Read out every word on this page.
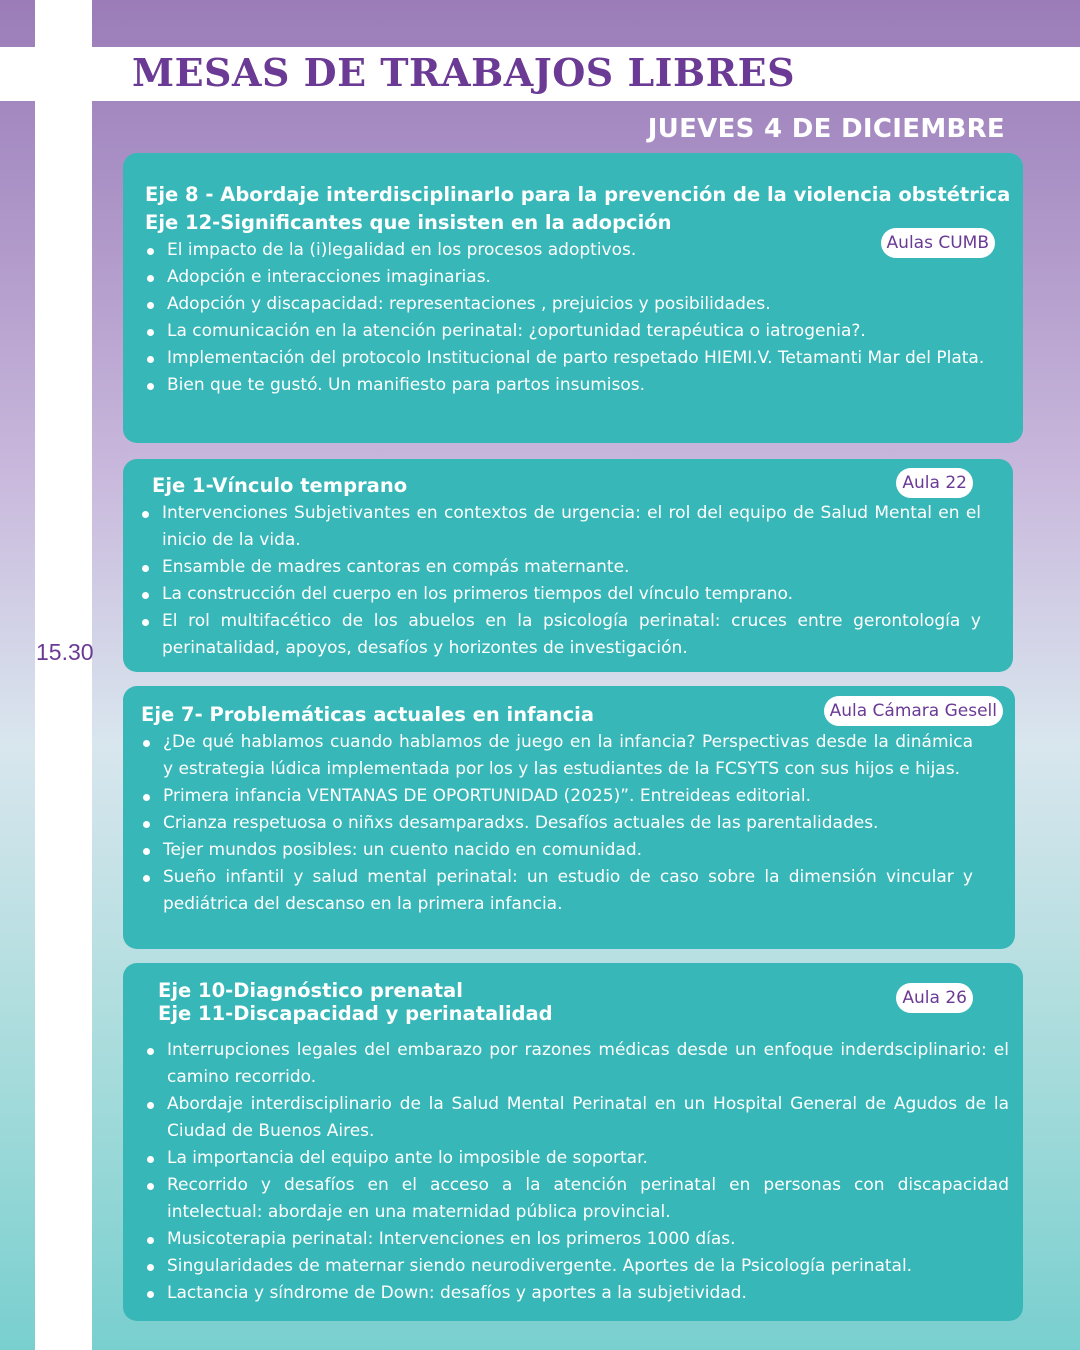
MESAS DE TRABAJOS LIBRES
JUEVES 4 DE DICIEMBRE
15.30
Eje 8 - Abordaje interdisciplinarIo para la prevención de la violencia obstétrica
Eje 12-Significantes que insisten en la adopción
Aulas CUMB
El impacto de la (i)legalidad en los procesos adoptivos.
Adopción e interacciones imaginarias.
Adopción y discapacidad: representaciones , prejuicios y posibilidades.
La comunicación en la atención perinatal: ¿oportunidad terapéutica o iatrogenia?.
Implementación del protocolo Institucional de parto respetado HIEMI.V. Tetamanti Mar del Plata.
Bien que te gustó. Un manifiesto para partos insumisos.
Eje 1-Vínculo temprano	Aula 22
Intervenciones Subjetivantes en contextos de urgencia: el rol del equipo de Salud Mental en el inicio de la vida.
Ensamble de madres cantoras en compás maternante.
La construcción del cuerpo en los primeros tiempos del vínculo temprano.
El rol multifacético de los abuelos en la psicología perinatal: cruces entre gerontología y perinatalidad, apoyos, desafíos y horizontes de investigación.
Eje 7- Problemáticas actuales en infancia	Aula Cámara Gesell
¿De qué hablamos cuando hablamos de juego en la infancia? Perspectivas desde la dinámica y estrategia lúdica implementada por los y las estudiantes de la FCSYTS con sus hijos e hijas.
Primera infancia VENTANAS DE OPORTUNIDAD (2025)”. Entreideas editorial.
Crianza respetuosa o niñxs desamparadxs. Desafíos actuales de las parentalidades.
Tejer mundos posibles: un cuento nacido en comunidad.
Sueño infantil y salud mental perinatal: un estudio de caso sobre la dimensión vincular y pediátrica del descanso en la primera infancia.
Eje 10-Diagnóstico prenatal
Eje 11-Discapacidad y perinatalidad
Aula 26
Interrupciones legales del embarazo por razones médicas desde un enfoque inderdsciplinario: el camino recorrido.
Abordaje interdisciplinario de la Salud Mental Perinatal en un Hospital General de Agudos de la Ciudad de Buenos Aires.
La importancia del equipo ante lo imposible de soportar.
Recorrido y desafíos en el acceso a la atención perinatal en personas con discapacidad intelectual: abordaje en una maternidad pública provincial.
Musicoterapia perinatal: Intervenciones en los primeros 1000 días.
Singularidades de maternar siendo neurodivergente. Aportes de la Psicología perinatal.
Lactancia y síndrome de Down: desafíos y aportes a la subjetividad.
